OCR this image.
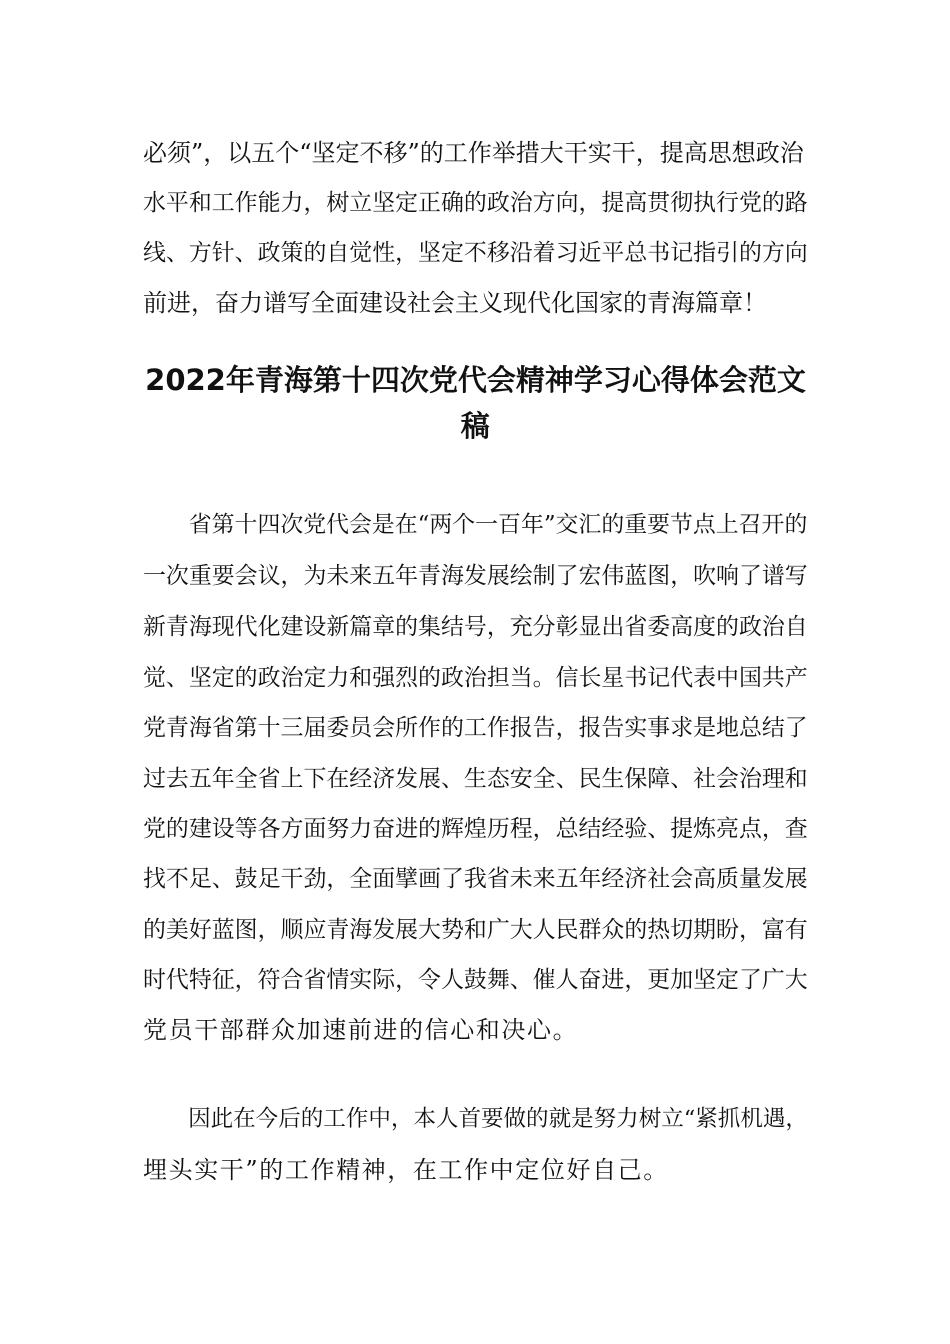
必须”，以五个“坚定不移”的工作举措大干实干，提高思想政治
水平和工作能力，树立坚定正确的政治方向，提高贯彻执行党的路
线、方针、政策的自觉性，坚定不移沿着习近平总书记指引的方向
前进，奋力谱写全面建设社会主义现代化国家的青海篇章！
2022年青海第十四次党代会精神学习心得体会范文
稿
　　省第十四次党代会是在“两个一百年”交汇的重要节点上召开的
一次重要会议，为未来五年青海发展绘制了宏伟蓝图，吹响了谱写
新青海现代化建设新篇章的集结号，充分彰显出省委高度的政治自
觉、坚定的政治定力和强烈的政治担当。信长星书记代表中国共产
党青海省第十三届委员会所作的工作报告，报告实事求是地总结了
过去五年全省上下在经济发展、生态安全、民生保障、社会治理和
党的建设等各方面努力奋进的辉煌历程，总结经验、提炼亮点，查
找不足、鼓足干劲，全面擘画了我省未来五年经济社会高质量发展
的美好蓝图，顺应青海发展大势和广大人民群众的热切期盼，富有
时代特征，符合省情实际，令人鼓舞、催人奋进，更加坚定了广大
党员干部群众加速前进的信心和决心。
　　因此在今后的工作中，本人首要做的就是努力树立“紧抓机遇，
埋头实干”的工作精神，在工作中定位好自己。
